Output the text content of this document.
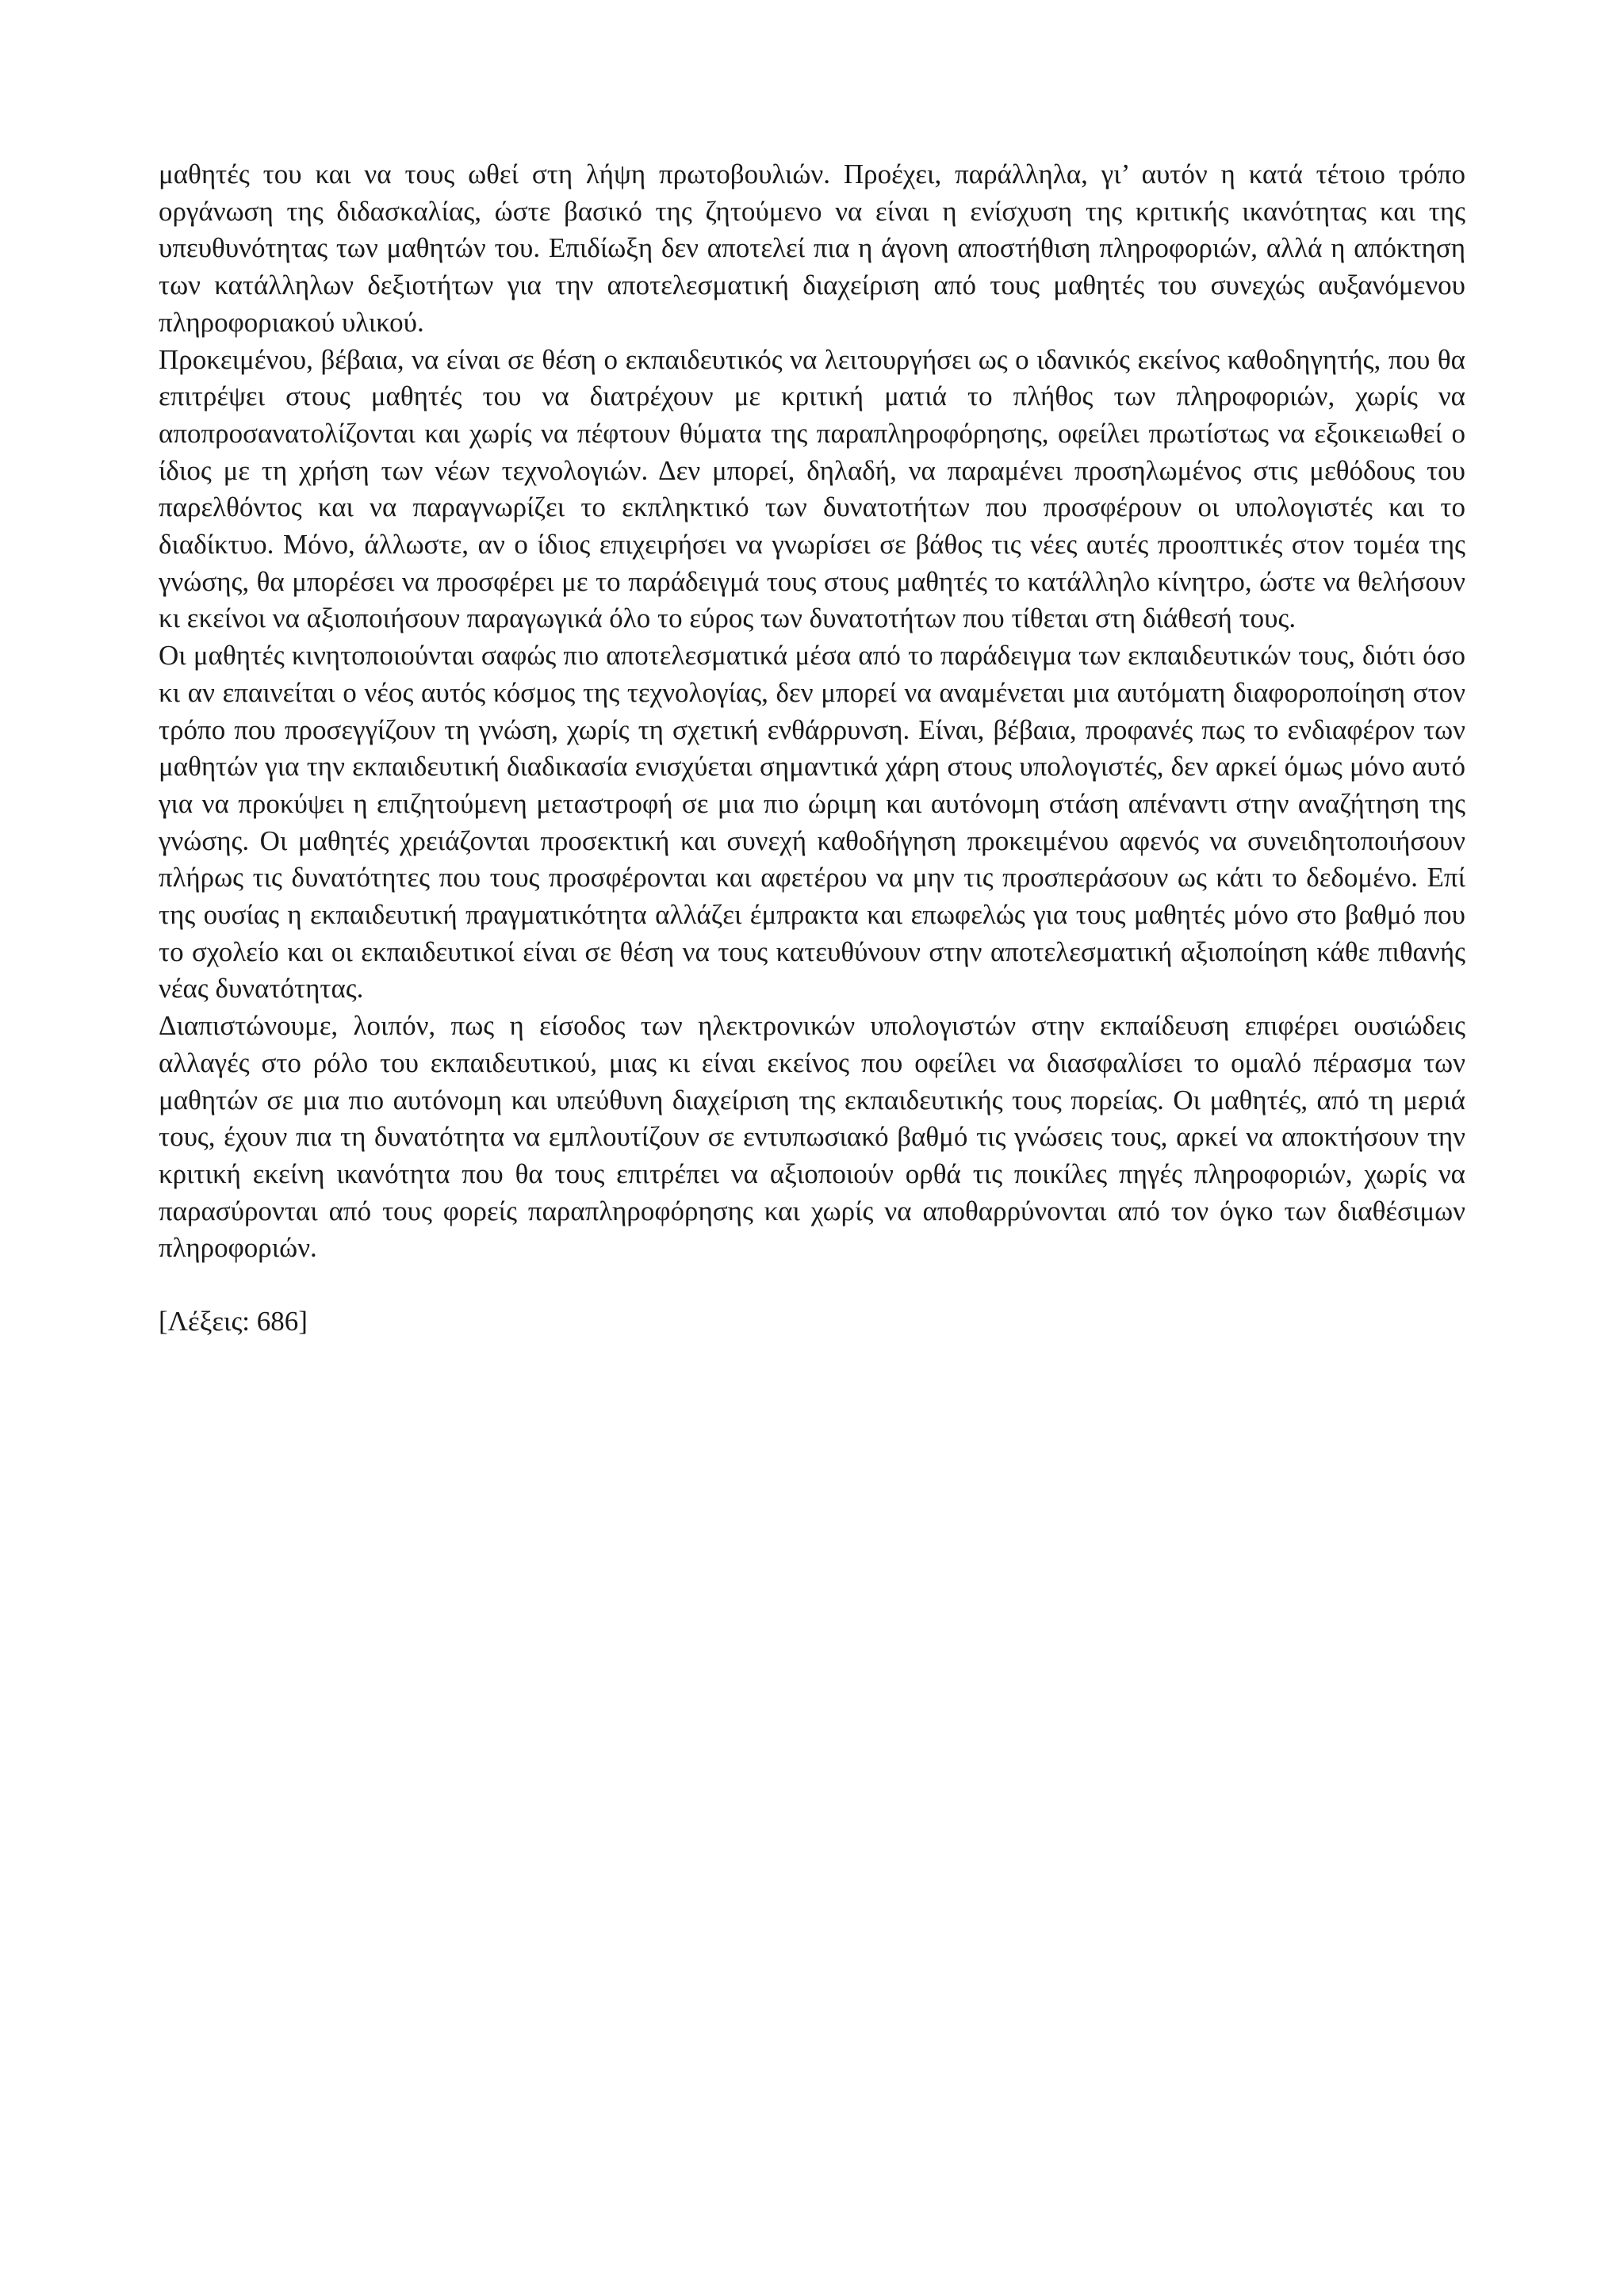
μαθητές του και να τους ωθεί στη λήψη πρωτοβουλιών. Προέχει, παράλληλα, γι’ αυτόν η κατά τέτοιο τρόπο οργάνωση της διδασκαλίας, ώστε βασικό της ζητούμενο να είναι η ενίσχυση της κριτικής ικανότητας και της υπευθυνότητας των μαθητών του. Επιδίωξη δεν αποτελεί πια η άγονη αποστήθιση πληροφοριών, αλλά η απόκτηση των κατάλληλων δεξιοτήτων για την αποτελεσματική διαχείριση από τους μαθητές του συνεχώς αυξανόμενου πληροφοριακού υλικού.

Προκειμένου, βέβαια, να είναι σε θέση ο εκπαιδευτικός να λειτουργήσει ως ο ιδανικός εκείνος καθοδηγητής, που θα επιτρέψει στους μαθητές του να διατρέχουν με κριτική ματιά το πλήθος των πληροφοριών, χωρίς να αποπροσανατολίζονται και χωρίς να πέφτουν θύματα της παραπληροφόρησης, οφείλει πρωτίστως να εξοικειωθεί ο ίδιος με τη χρήση των νέων τεχνολογιών. Δεν μπορεί, δηλαδή, να παραμένει προσηλωμένος στις μεθόδους του παρελθόντος και να παραγνωρίζει το εκπληκτικό των δυνατοτήτων που προσφέρουν οι υπολογιστές και το διαδίκτυο. Μόνο, άλλωστε, αν ο ίδιος επιχειρήσει να γνωρίσει σε βάθος τις νέες αυτές προοπτικές στον τομέα της γνώσης, θα μπορέσει να προσφέρει με το παράδειγμά τους στους μαθητές το κατάλληλο κίνητρο, ώστε να θελήσουν κι εκείνοι να αξιοποιήσουν παραγωγικά όλο το εύρος των δυνατοτήτων που τίθεται στη διάθεσή τους.

Οι μαθητές κινητοποιούνται σαφώς πιο αποτελεσματικά μέσα από το παράδειγμα των εκπαιδευτικών τους, διότι όσο κι αν επαινείται ο νέος αυτός κόσμος της τεχνολογίας, δεν μπορεί να αναμένεται μια αυτόματη διαφοροποίηση στον τρόπο που προσεγγίζουν τη γνώση, χωρίς τη σχετική ενθάρρυνση. Είναι, βέβαια, προφανές πως το ενδιαφέρον των μαθητών για την εκπαιδευτική διαδικασία ενισχύεται σημαντικά χάρη στους υπολογιστές, δεν αρκεί όμως μόνο αυτό για να προκύψει η επιζητούμενη μεταστροφή σε μια πιο ώριμη και αυτόνομη στάση απέναντι στην αναζήτηση της γνώσης. Οι μαθητές χρειάζονται προσεκτική και συνεχή καθοδήγηση προκειμένου αφενός να συνειδητοποιήσουν πλήρως τις δυνατότητες που τους προσφέρονται και αφετέρου να μην τις προσπεράσουν ως κάτι το δεδομένο. Επί της ουσίας η εκπαιδευτική πραγματικότητα αλλάζει έμπρακτα και επωφελώς για τους μαθητές μόνο στο βαθμό που το σχολείο και οι εκπαιδευτικοί είναι σε θέση να τους κατευθύνουν στην αποτελεσματική αξιοποίηση κάθε πιθανής νέας δυνατότητας.

Διαπιστώνουμε, λοιπόν, πως η είσοδος των ηλεκτρονικών υπολογιστών στην εκπαίδευση επιφέρει ουσιώδεις αλλαγές στο ρόλο του εκπαιδευτικού, μιας κι είναι εκείνος που οφείλει να διασφαλίσει το ομαλό πέρασμα των μαθητών σε μια πιο αυτόνομη και υπεύθυνη διαχείριση της εκπαιδευτικής τους πορείας. Οι μαθητές, από τη μεριά τους, έχουν πια τη δυνατότητα να εμπλουτίζουν σε εντυπωσιακό βαθμό τις γνώσεις τους, αρκεί να αποκτήσουν την κριτική εκείνη ικανότητα που θα τους επιτρέπει να αξιοποιούν ορθά τις ποικίλες πηγές πληροφοριών, χωρίς να παρασύρονται από τους φορείς παραπληροφόρησης και χωρίς να αποθαρρύνονται από τον όγκο των διαθέσιμων πληροφοριών.

[Λέξεις: 686]
